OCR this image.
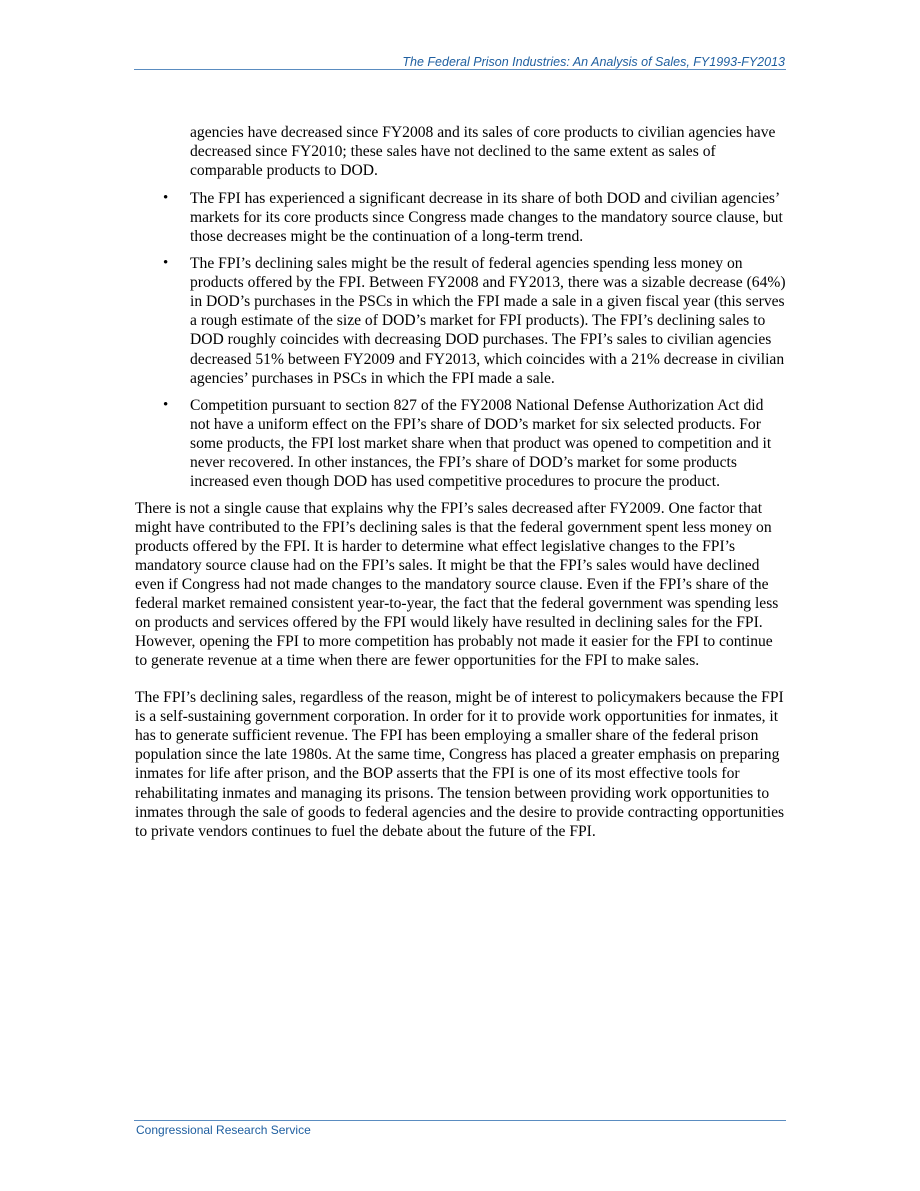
The Federal Prison Industries: An Analysis of Sales, FY1993-FY2013

agencies have decreased since FY2008 and its sales of core products to civilian agencies have decreased since FY2010; these sales have not declined to the same extent as sales of comparable products to DOD.

• The FPI has experienced a significant decrease in its share of both DOD and civilian agencies’ markets for its core products since Congress made changes to the mandatory source clause, but those decreases might be the continuation of a long-term trend.
• The FPI’s declining sales might be the result of federal agencies spending less money on products offered by the FPI. Between FY2008 and FY2013, there was a sizable decrease (64%) in DOD’s purchases in the PSCs in which the FPI made a sale in a given fiscal year (this serves a rough estimate of the size of DOD’s market for FPI products). The FPI’s declining sales to DOD roughly coincides with decreasing DOD purchases. The FPI’s sales to civilian agencies decreased 51% between FY2009 and FY2013, which coincides with a 21% decrease in civilian agencies’ purchases in PSCs in which the FPI made a sale.
• Competition pursuant to section 827 of the FY2008 National Defense Authorization Act did not have a uniform effect on the FPI’s share of DOD’s market for six selected products. For some products, the FPI lost market share when that product was opened to competition and it never recovered. In other instances, the FPI’s share of DOD’s market for some products increased even though DOD has used competitive procedures to procure the product.

There is not a single cause that explains why the FPI’s sales decreased after FY2009. One factor that might have contributed to the FPI’s declining sales is that the federal government spent less money on products offered by the FPI. It is harder to determine what effect legislative changes to the FPI’s mandatory source clause had on the FPI’s sales. It might be that the FPI’s sales would have declined even if Congress had not made changes to the mandatory source clause. Even if the FPI’s share of the federal market remained consistent year-to-year, the fact that the federal government was spending less on products and services offered by the FPI would likely have resulted in declining sales for the FPI. However, opening the FPI to more competition has probably not made it easier for the FPI to continue to generate revenue at a time when there are fewer opportunities for the FPI to make sales.

The FPI’s declining sales, regardless of the reason, might be of interest to policymakers because the FPI is a self-sustaining government corporation. In order for it to provide work opportunities for inmates, it has to generate sufficient revenue. The FPI has been employing a smaller share of the federal prison population since the late 1980s. At the same time, Congress has placed a greater emphasis on preparing inmates for life after prison, and the BOP asserts that the FPI is one of its most effective tools for rehabilitating inmates and managing its prisons. The tension between providing work opportunities to inmates through the sale of goods to federal agencies and the desire to provide contracting opportunities to private vendors continues to fuel the debate about the future of the FPI.

Congressional Research Service
